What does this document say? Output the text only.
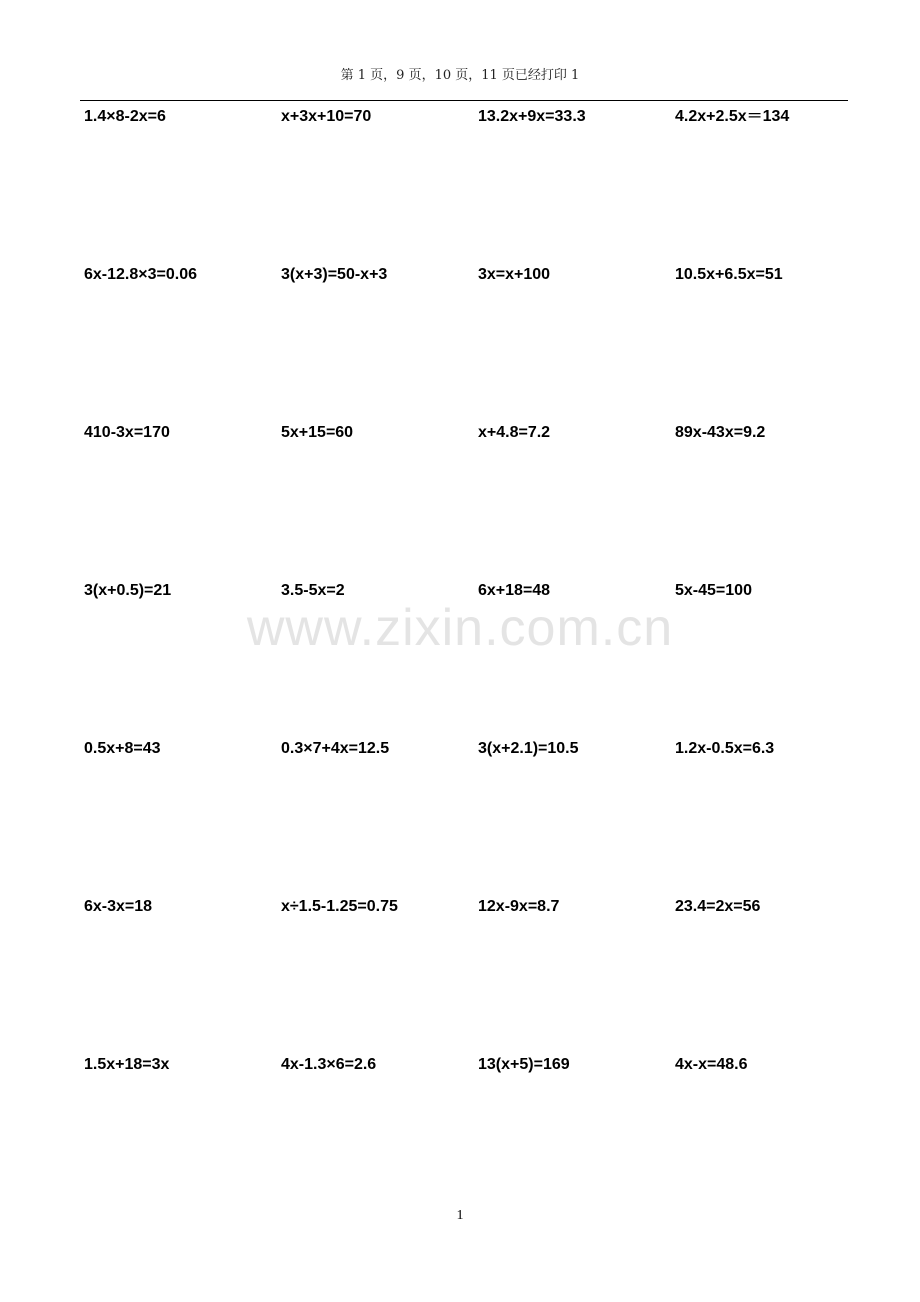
第 1 页，9 页，10 页，11 页已经打印 1
1.4×8-2x=6	x+3x+10=70	13.2x+9x=33.3	4.2x+2.5x＝134
6x-12.8×3=0.06	3(x+3)=50-x+3	3x=x+100	10.5x+6.5x=51
410-3x=170	5x+15=60	x+4.8=7.2	89x-43x=9.2
3(x+0.5)=21	3.5-5x=2	6x+18=48	5x-45=100
0.5x+8=43	0.3×7+4x=12.5	3(x+2.1)=10.5	1.2x-0.5x=6.3
6x-3x=18	x÷1.5-1.25=0.75	12x-9x=8.7	23.4=2x=56
1.5x+18=3x	4x-1.3×6=2.6	13(x+5)=169	4x-x=48.6
www.zixin.com.cn
1
